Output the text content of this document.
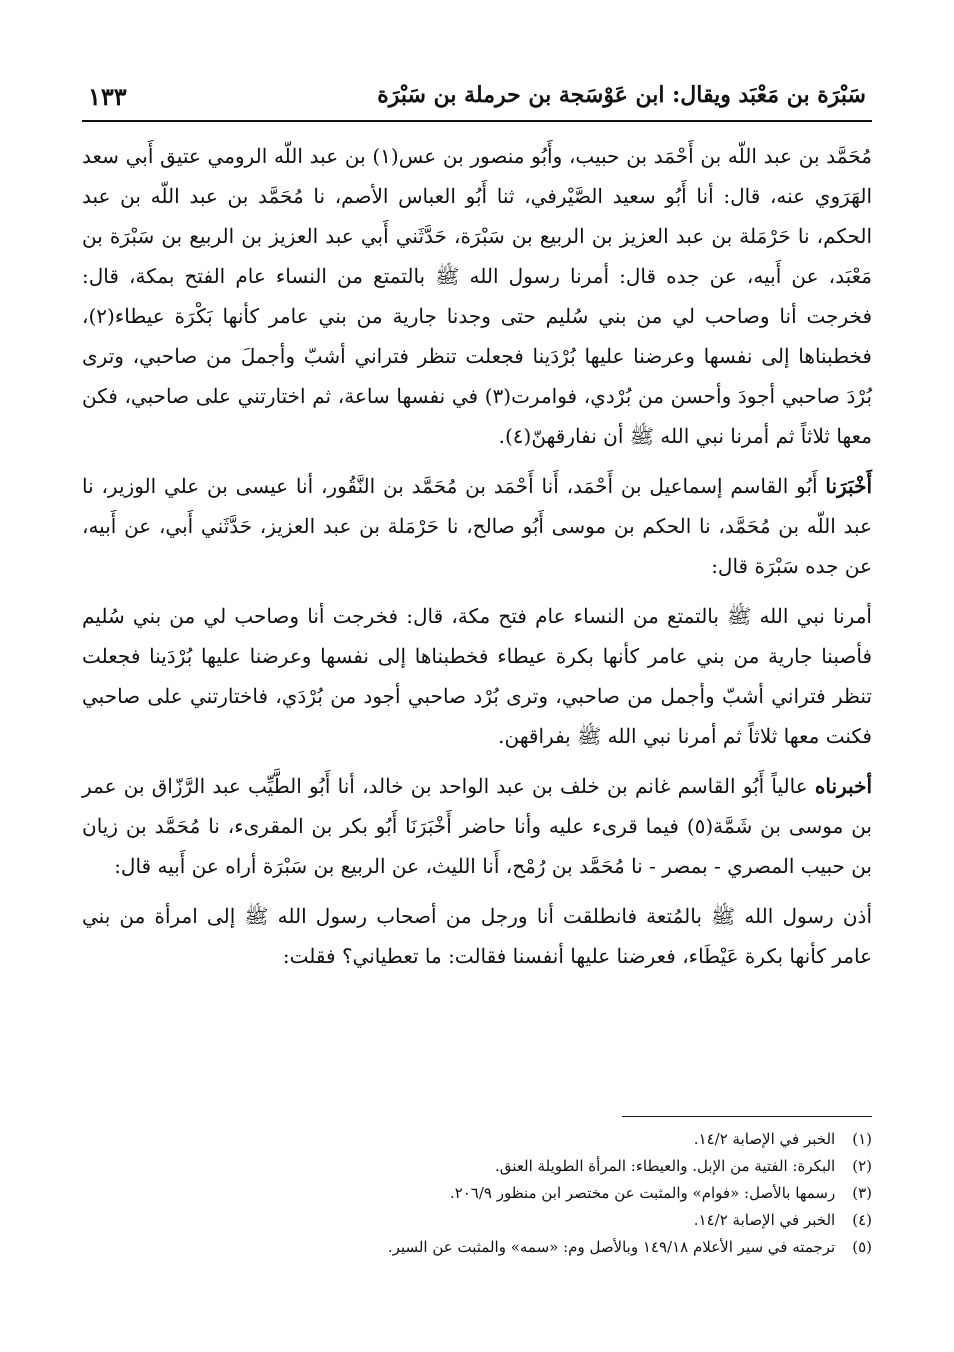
سَبْرَة بن مَعْبَد ويقال: ابن عَوْسَجة بن حرملة بن سَبْرَة
١٣٣

مُحَمَّد بن عبد اللّه بن أَحْمَد بن حبيب، وأَبُو منصور بن عس(١) بن عبد اللّه الرومي عتيق أَبي سعد الهَرَوي عنه، قال: أنا أَبُو سعيد الصَّيْرفي، ثنا أَبُو العباس الأصم، نا مُحَمَّد بن عبد اللّه بن عبد الحكم، نا حَرْمَلة بن عبد العزيز بن الربيع بن سَبْرَة، حَدَّثَني أَبي عبد العزيز بن الربيع بن سَبْرَة بن مَعْبَد، عن أَبيه، عن جده قال: أمرنا رسول الله ﷺ بالتمتع من النساء عام الفتح بمكة، قال: فخرجت أنا وصاحب لي من بني سُليم حتى وجدنا جارية من بني عامر كأنها بَكْرَة عيطاء(٢)، فخطبناها إلى نفسها وعرضنا عليها بُرْدَينا فجعلت تنظر فتراني أشبّ وأجملَ من صاحبي، وترى بُرْدَ صاحبي أجودَ وأحسن من بُرْدي، فوامرت(٣) في نفسها ساعة، ثم اختارتني على صاحبي، فكن معها ثلاثاً ثم أمرنا نبي الله ﷺ أن نفارقهنّ(٤).

أَخْبَرَنا أَبُو القاسم إسماعيل بن أَحْمَد، أَنا أَحْمَد بن مُحَمَّد بن النَّقُور، أنا عيسى بن علي الوزير، نا عبد اللّه بن مُحَمَّد، نا الحكم بن موسى أَبُو صالح، نا حَرْمَلة بن عبد العزيز، حَدَّثَني أَبي، عن أَبيه، عن جده سَبْرَة قال:

أمرنا نبي الله ﷺ بالتمتع من النساء عام فتح مكة، قال: فخرجت أنا وصاحب لي من بني سُليم فأصبنا جارية من بني عامر كأنها بكرة عيطاء فخطبناها إلى نفسها وعرضنا عليها بُرْدَينا فجعلت تنظر فتراني أشبّ وأجمل من صاحبي، وترى بُرْد صاحبي أجود من بُرْدَي، فاختارتني على صاحبي فكنت معها ثلاثاً ثم أمرنا نبي الله ﷺ بفراقهن.

أخبرناه عالياً أَبُو القاسم غانم بن خلف بن عبد الواحد بن خالد، أنا أَبُو الطَّيِّب عبد الرَّزّاق بن عمر بن موسى بن شَمَّة(٥) فيما قرىء عليه وأنا حاضر أَخْبَرَنَا أَبُو بكر بن المقرىء، نا مُحَمَّد بن زيان بن حبيب المصري - بمصر - نا مُحَمَّد بن رُمْح، أَنا الليث، عن الربيع بن سَبْرَة أراه عن أَبيه قال:

أذن رسول الله ﷺ بالمُتعة فانطلقت أنا ورجل من أصحاب رسول الله ﷺ إلى امرأة من بني عامر كأنها بكرة عَيْطَاء، فعرضنا عليها أنفسنا فقالت: ما تعطياني؟ فقلت:

(١) الخبر في الإصابة ١٤/٢.
(٢) البكرة: الفتية من الإبل. والعيطاء: المرأة الطويلة العنق.
(٣) رسمها بالأصل: «فوام» والمثبت عن مختصر ابن منظور ٢٠٦/٩.
(٤) الخبر في الإصابة ١٤/٢.
(٥) ترجمته في سير الأعلام ١٤٩/١٨ وبالأصل وم: «سمه» والمثبت عن السير.
